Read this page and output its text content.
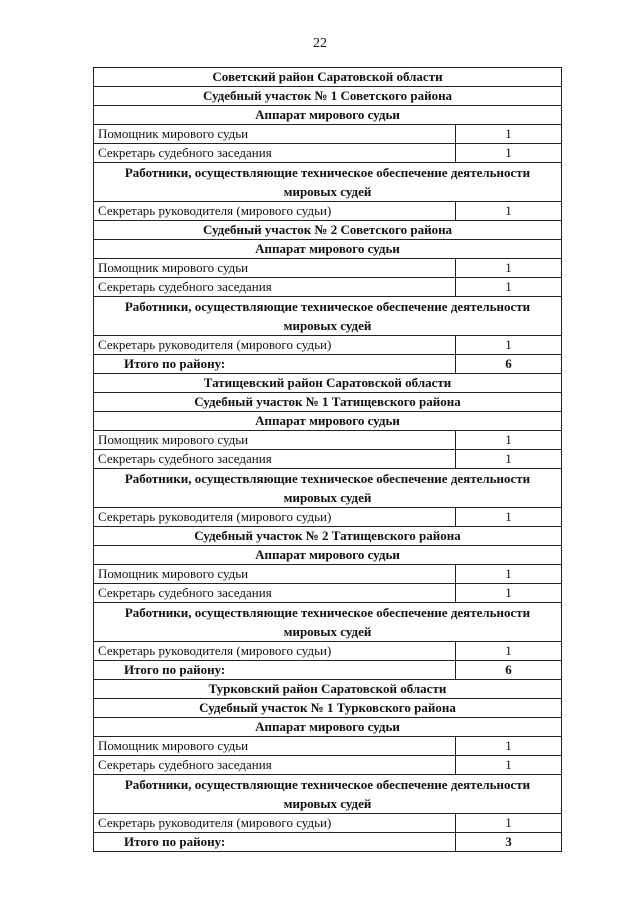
22
Советский район Саратовской области	
Судебный участок № 1 Советского района	
Аппарат мирового судьи	
Помощник мирового судьи	1
Секретарь судебного заседания	1
Работники, осуществляющие техническое обеспечение деятельности мировых судей	
Секретарь руководителя (мирового судьи)	1
Судебный участок № 2 Советского района	
Аппарат мирового судьи	
Помощник мирового судьи	1
Секретарь судебного заседания	1
Работники, осуществляющие техническое обеспечение деятельности мировых судей	
Секретарь руководителя (мирового судьи)	1
Итого по району:	6
Татищевский район Саратовской области	
Судебный участок № 1 Татищевского района	
Аппарат мирового судьи	
Помощник мирового судьи	1
Секретарь судебного заседания	1
Работники, осуществляющие техническое обеспечение деятельности мировых судей	
Секретарь руководителя (мирового судьи)	1
Судебный участок № 2 Татищевского района	
Аппарат мирового судьи	
Помощник мирового судьи	1
Секретарь судебного заседания	1
Работники, осуществляющие техническое обеспечение деятельности мировых судей	
Секретарь руководителя (мирового судьи)	1
Итого по району:	6
Турковский район Саратовской области	
Судебный участок № 1 Турковского района	
Аппарат мирового судьи	
Помощник мирового судьи	1
Секретарь судебного заседания	1
Работники, осуществляющие техническое обеспечение деятельности мировых судей	
Секретарь руководителя (мирового судьи)	1
Итого по району:	3
